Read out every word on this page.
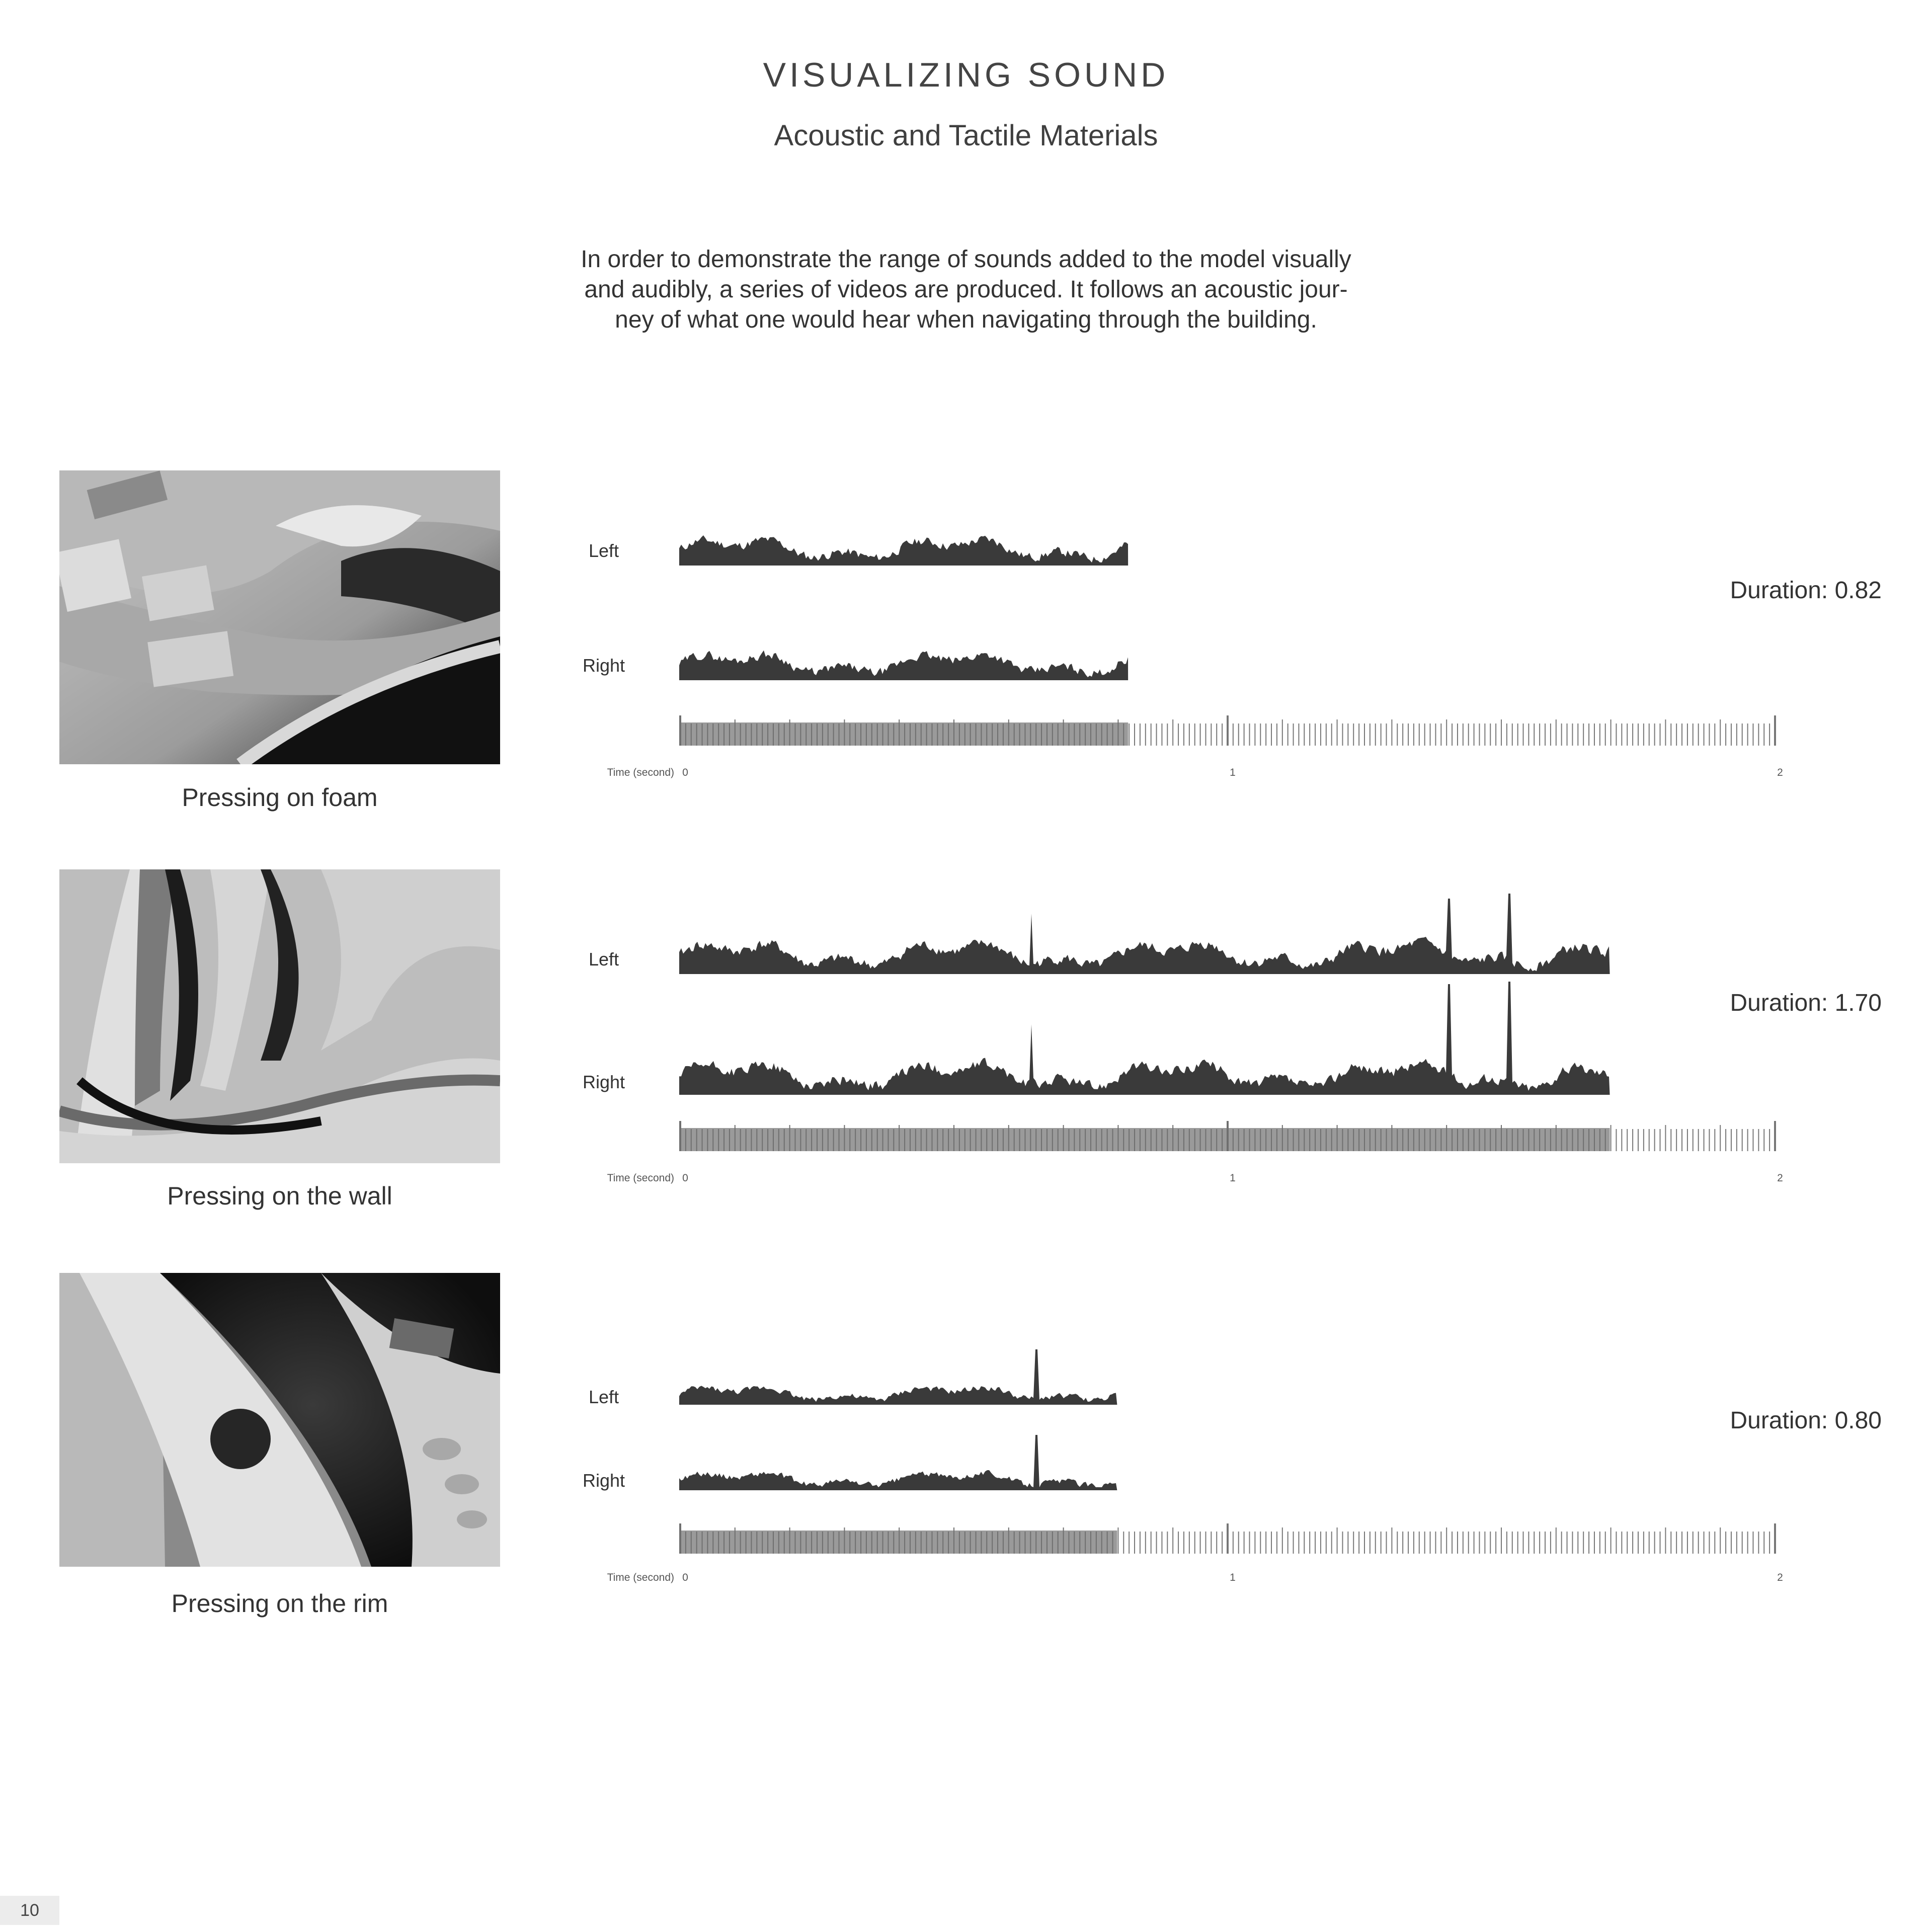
VISUALIZING SOUND
Acoustic and Tactile Materials
In order to demonstrate the range of sounds added to the model visually
and audibly, a series of videos are produced. It follows an acoustic jour-
ney of what one would hear when navigating through the building.
Pressing on foam
Left
Right
Duration: 0.82
Time (second) 0	1	2
Pressing on the wall
Left
Right
Duration: 1.70
Time (second) 0	1	2
Pressing on the rim
Left
Right
Duration: 0.80
Time (second) 0	1	2
10
